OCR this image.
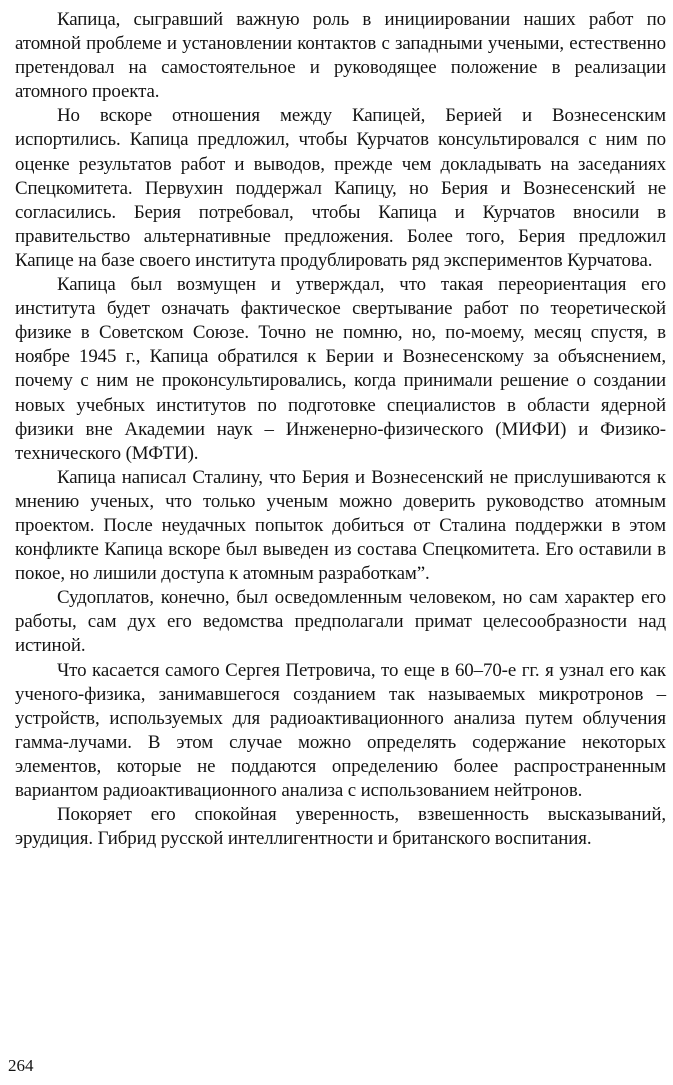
Капица, сыгравший важную роль в инициировании наших работ по атомной проблеме и установлении контактов с западными учеными, естественно претендовал на самостоятельное и руководящее положение в реализации атомного проекта.

Но вскоре отношения между Капицей, Берией и Вознесенским испортились. Капица предложил, чтобы Курчатов консультировался с ним по оценке результатов работ и выводов, прежде чем докладывать на заседаниях Спецкомитета. Первухин поддержал Капицу, но Берия и Вознесенский не согласились. Берия потребовал, чтобы Капица и Курчатов вносили в правительство альтернативные предложения. Более того, Берия предложил Капице на базе своего института продублировать ряд экспериментов Курчатова.

Капица был возмущен и утверждал, что такая переориентация его института будет означать фактическое свертывание работ по теоретической физике в Советском Союзе. Точно не помню, но, по-моему, месяц спустя, в ноябре 1945 г., Капица обратился к Берии и Вознесенскому за объяснением, почему с ним не проконсультировались, когда принимали решение о создании новых учебных институтов по подготовке специалистов в области ядерной физики вне Академии наук – Инженерно-физического (МИФИ) и Физико-технического (МФТИ).

Капица написал Сталину, что Берия и Вознесенский не прислушиваются к мнению ученых, что только ученым можно доверить руководство атомным проектом. После неудачных попыток добиться от Сталина поддержки в этом конфликте Капица вскоре был выведен из состава Спецкомитета. Его оставили в покое, но лишили доступа к атомным разработкам”.

Судоплатов, конечно, был осведомленным человеком, но сам характер его работы, сам дух его ведомства предполагали примат целесообразности над истиной.

Что касается самого Сергея Петровича, то еще в 60–70-е гг. я узнал его как ученого-физика, занимавшегося созданием так называемых микротронов – устройств, используемых для радиоактивационного анализа путем облучения гамма-лучами. В этом случае можно определять содержание некоторых элементов, которые не поддаются определению более распространенным вариантом радиоактивационного анализа с использованием нейтронов.

Покоряет его спокойная уверенность, взвешенность высказываний, эрудиция. Гибрид русской интеллигентности и британского воспитания.

264
